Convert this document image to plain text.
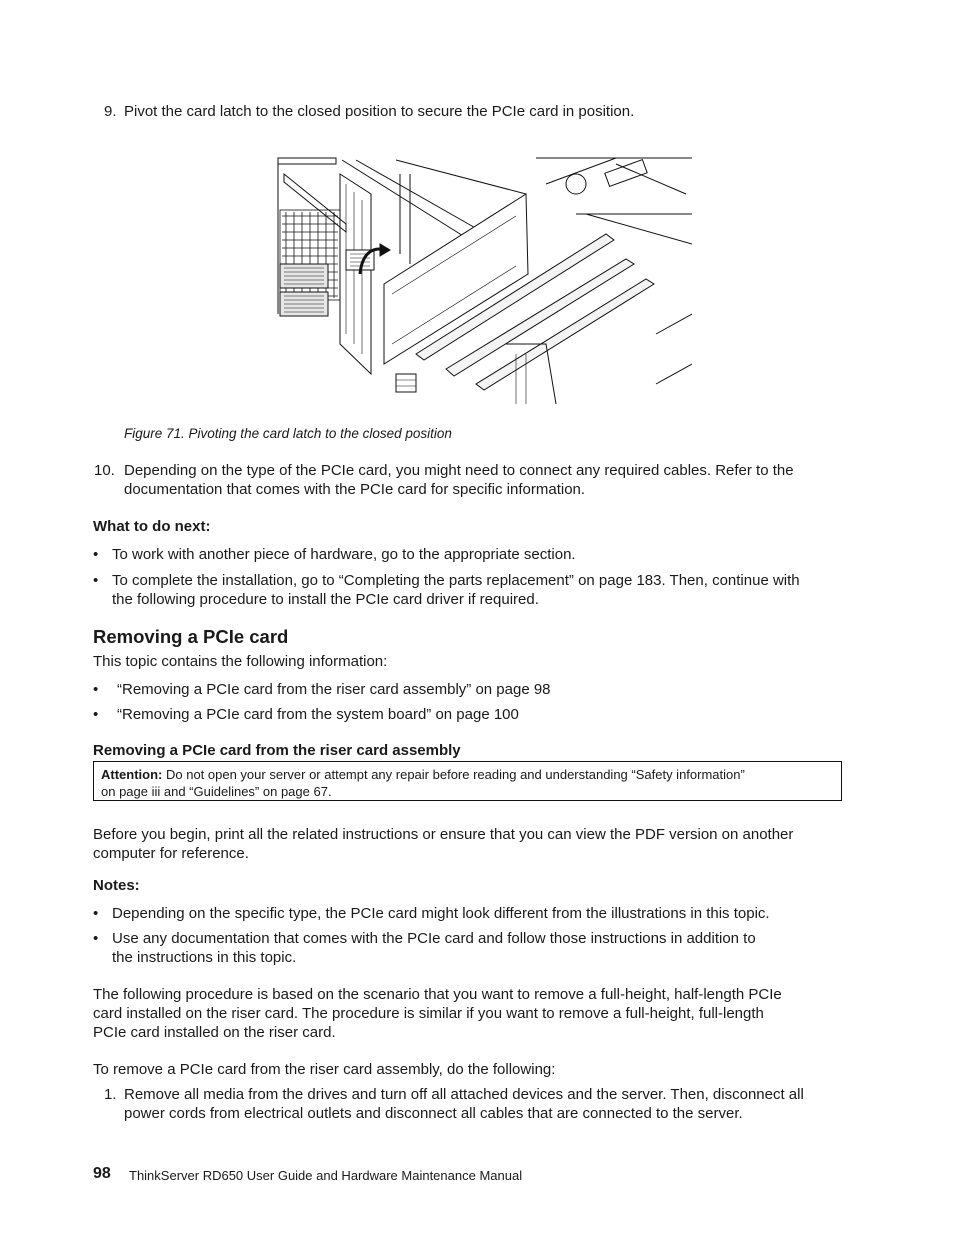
9. Pivot the card latch to the closed position to secure the PCIe card in position.
Figure 71. Pivoting the card latch to the closed position
10. Depending on the type of the PCIe card, you might need to connect any required cables. Refer to the
documentation that comes with the PCIe card for specific information.
What to do next:
• To work with another piece of hardware, go to the appropriate section.
• To complete the installation, go to “Completing the parts replacement” on page 183. Then, continue with
the following procedure to install the PCIe card driver if required.
Removing a PCIe card
This topic contains the following information:
• “Removing a PCIe card from the riser card assembly” on page 98
• “Removing a PCIe card from the system board” on page 100
Removing a PCIe card from the riser card assembly
Attention: Do not open your server or attempt any repair before reading and understanding “Safety information”
on page iii and “Guidelines” on page 67.
Before you begin, print all the related instructions or ensure that you can view the PDF version on another
computer for reference.
Notes:
• Depending on the specific type, the PCIe card might look different from the illustrations in this topic.
• Use any documentation that comes with the PCIe card and follow those instructions in addition to
the instructions in this topic.
The following procedure is based on the scenario that you want to remove a full-height, half-length PCIe
card installed on the riser card. The procedure is similar if you want to remove a full-height, full-length
PCIe card installed on the riser card.
To remove a PCIe card from the riser card assembly, do the following:
1. Remove all media from the drives and turn off all attached devices and the server. Then, disconnect all
power cords from electrical outlets and disconnect all cables that are connected to the server.
98 ThinkServer RD650 User Guide and Hardware Maintenance Manual
